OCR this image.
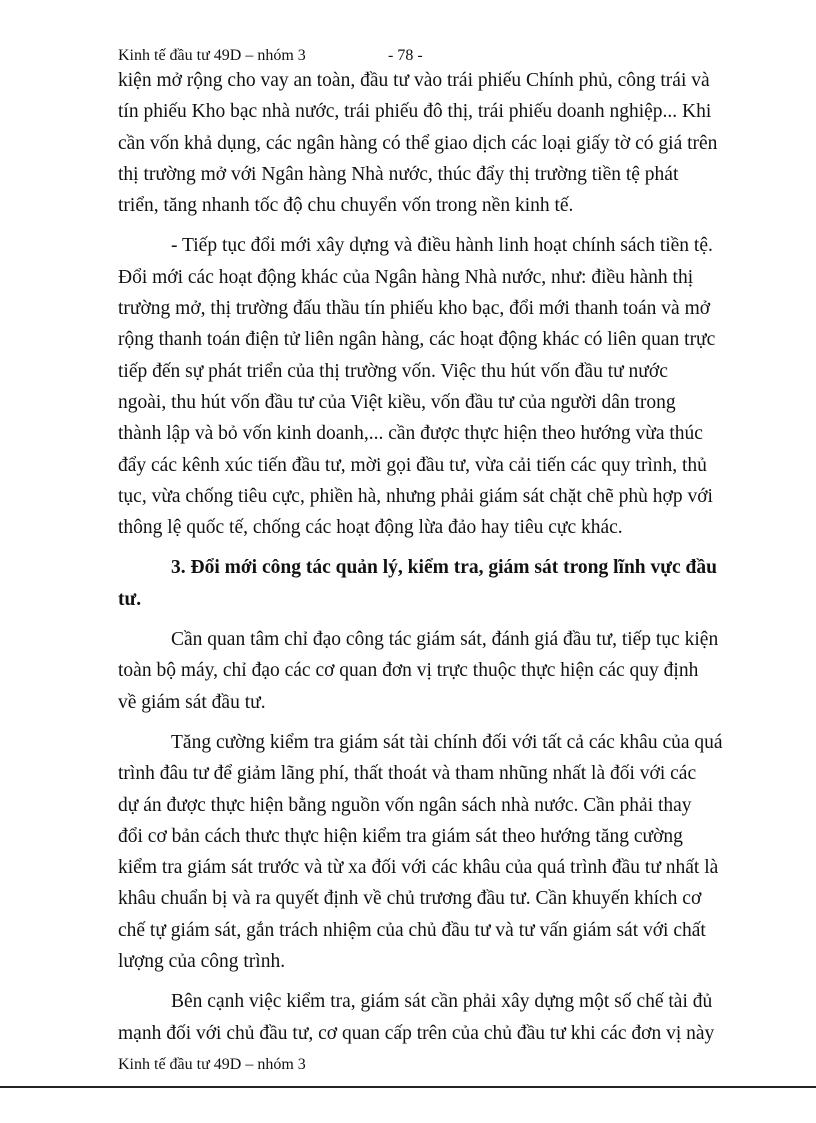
Kinh tế đầu tư 49D – nhóm 3	- 78 -

kiện mở rộng cho vay an toàn, đầu tư vào trái phiếu Chính phủ, công trái và
tín phiếu Kho bạc nhà nước, trái phiếu đô thị, trái phiếu doanh nghiệp... Khi
cần vốn khả dụng, các ngân hàng có thể giao dịch các loại giấy tờ có giá trên
thị trường mở với Ngân hàng Nhà nước, thúc đẩy thị trường tiền tệ phát
triển, tăng nhanh tốc độ chu chuyển vốn trong nền kinh tế.

- Tiếp tục đổi mới xây dựng và điều hành linh hoạt chính sách tiền tệ.
Đổi mới các hoạt động khác của Ngân hàng Nhà nước, như: điều hành thị
trường mở, thị trường đấu thầu tín phiếu kho bạc, đổi mới thanh toán và mở
rộng thanh toán điện tử liên ngân hàng, các hoạt động khác có liên quan trực
tiếp đến sự phát triển của thị trường vốn. Việc thu hút vốn đầu tư nước
ngoài, thu hút vốn đầu tư của Việt kiều, vốn đầu tư của người dân trong
thành lập và bỏ vốn kinh doanh,... cần được thực hiện theo hướng vừa thúc
đẩy các kênh xúc tiến đầu tư, mời gọi đầu tư, vừa cải tiến các quy trình, thủ
tục, vừa chống tiêu cực, phiền hà, nhưng phải giám sát chặt chẽ phù hợp với
thông lệ quốc tế, chống các hoạt động lừa đảo hay tiêu cực khác.

3. Đổi mới công tác quản lý, kiểm tra, giám sát trong lĩnh vực đầu
tư.

Cần quan tâm chỉ đạo công tác giám sát, đánh giá đầu tư, tiếp tục kiện
toàn bộ máy, chỉ đạo các cơ quan đơn vị trực thuộc thực hiện các quy định
về giám sát đầu tư.

Tăng cường kiểm tra giám sát tài chính đối với tất cả các khâu của quá
trình đâu tư để giảm lãng phí, thất thoát và tham nhũng nhất là đối với các
dự án được thực hiện bằng nguồn vốn ngân sách nhà nước. Cần phải thay
đổi cơ bản cách thưc thực hiện kiểm tra giám sát theo hướng tăng cường
kiểm tra giám sát trước và từ xa đối với các khâu của quá trình đầu tư nhất là
khâu chuẩn bị và ra quyết định về chủ trương đầu tư. Cần khuyến khích cơ
chế tự giám sát, gắn trách nhiệm của chủ đầu tư và tư vấn giám sát với chất
lượng của công trình.

Bên cạnh việc kiểm tra, giám sát cần phải xây dựng một số chế tài đủ
mạnh đối với chủ đầu tư, cơ quan cấp trên của chủ đầu tư khi các đơn vị này

Kinh tế đầu tư 49D – nhóm 3
